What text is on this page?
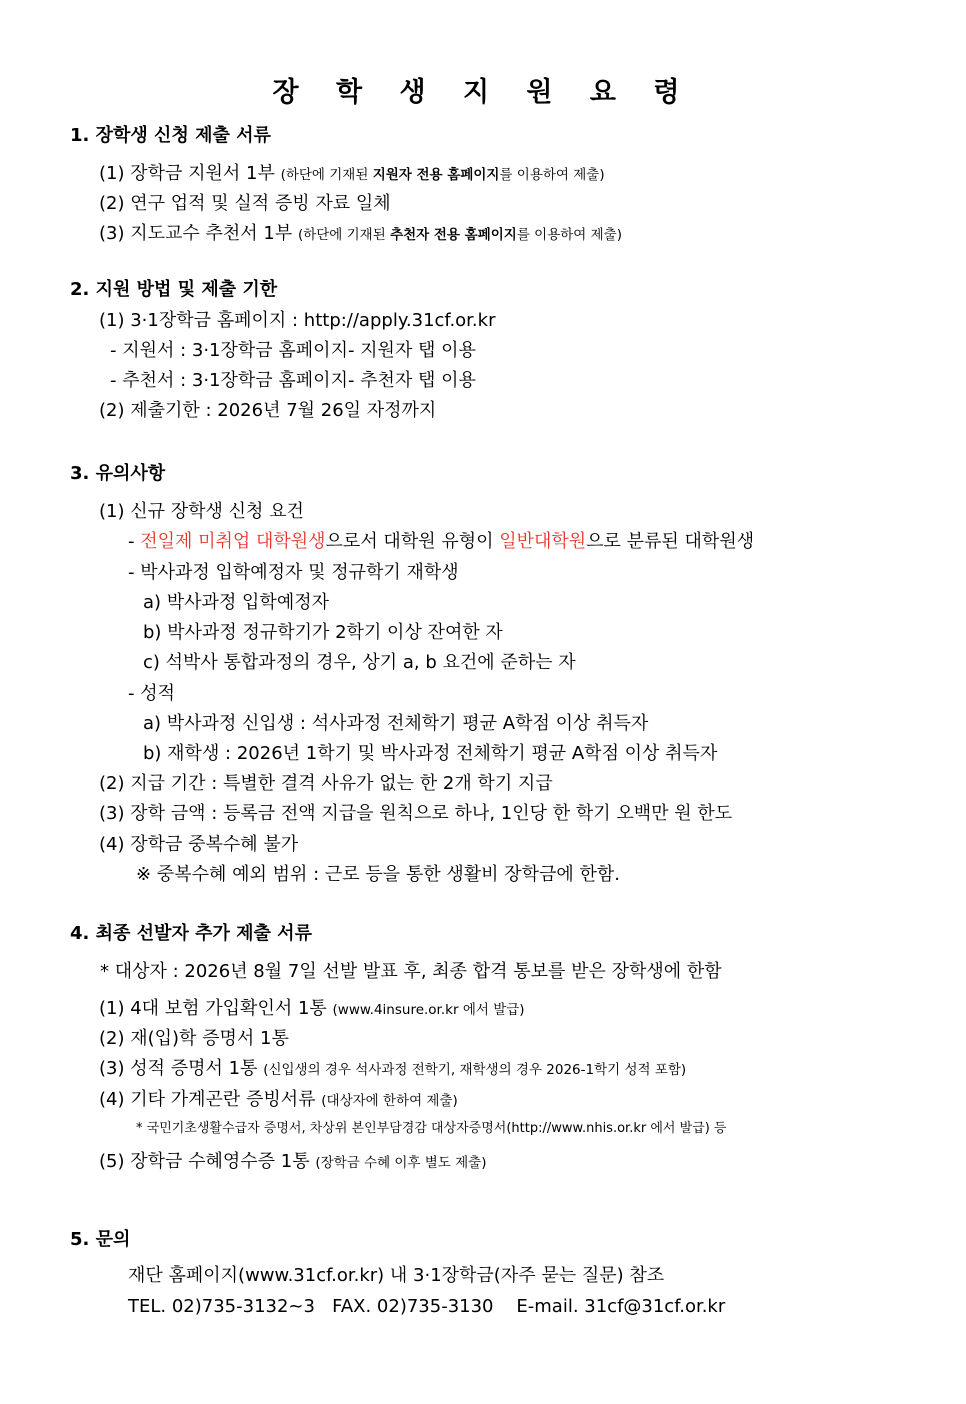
장 학 생 지 원 요 령
1. 장학생 신청 제출 서류
(1) 장학금 지원서 1부 (하단에 기재된 지원자 전용 홈페이지를 이용하여 제출)
(2) 연구 업적 및 실적 증빙 자료 일체
(3) 지도교수 추천서 1부 (하단에 기재된 추천자 전용 홈페이지를 이용하여 제출)
2. 지원 방법 및 제출 기한
(1) 3·1장학금 홈페이지 : http://apply.31cf.or.kr
- 지원서 : 3·1장학금 홈페이지- 지원자 탭 이용
- 추천서 : 3·1장학금 홈페이지- 추천자 탭 이용
(2) 제출기한 : 2026년 7월 26일 자정까지
3. 유의사항
(1) 신규 장학생 신청 요건
- 전일제 미취업 대학원생으로서 대학원 유형이 일반대학원으로 분류된 대학원생
- 박사과정 입학예정자 및 정규학기 재학생
a) 박사과정 입학예정자
b) 박사과정 정규학기가 2학기 이상 잔여한 자
c) 석박사 통합과정의 경우, 상기 a, b 요건에 준하는 자
- 성적
a) 박사과정 신입생 : 석사과정 전체학기 평균 A학점 이상 취득자
b) 재학생 : 2026년 1학기 및 박사과정 전체학기 평균 A학점 이상 취득자
(2) 지급 기간 : 특별한 결격 사유가 없는 한 2개 학기 지급
(3) 장학 금액 : 등록금 전액 지급을 원칙으로 하나, 1인당 한 학기 오백만 원 한도
(4) 장학금 중복수혜 불가
※ 중복수혜 예외 범위 : 근로 등을 통한 생활비 장학금에 한함.
4. 최종 선발자 추가 제출 서류
* 대상자 : 2026년 8월 7일 선발 발표 후, 최종 합격 통보를 받은 장학생에 한함
(1) 4대 보험 가입확인서 1통 (www.4insure.or.kr 에서 발급)
(2) 재(입)학 증명서 1통
(3) 성적 증명서 1통 (신입생의 경우 석사과정 전학기, 재학생의 경우 2026-1학기 성적 포함)
(4) 기타 가계곤란 증빙서류 (대상자에 한하여 제출)
* 국민기초생활수급자 증명서, 차상위 본인부담경감 대상자증명서(http://www.nhis.or.kr 에서 발급) 등
(5) 장학금 수혜영수증 1통 (장학금 수혜 이후 별도 제출)
5. 문의
재단 홈페이지(www.31cf.or.kr) 내 3·1장학금(자주 묻는 질문) 참조
TEL. 02)735-3132~3   FAX. 02)735-3130    E-mail. 31cf@31cf.or.kr
